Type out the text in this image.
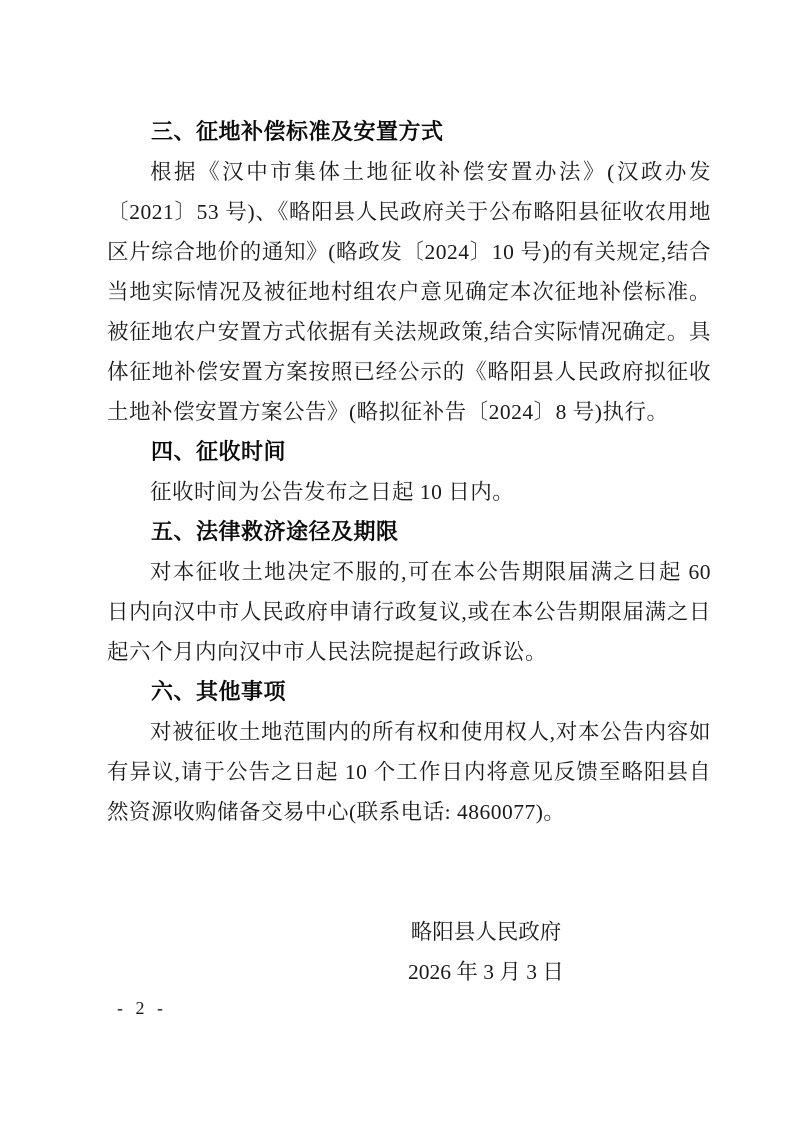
三、征地补偿标准及安置方式

根据《汉中市集体土地征收补偿安置办法》(汉政办发〔2021〕53 号)、《略阳县人民政府关于公布略阳县征收农用地区片综合地价的通知》(略政发〔2024〕10 号)的有关规定,结合当地实际情况及被征地村组农户意见确定本次征地补偿标准。被征地农户安置方式依据有关法规政策,结合实际情况确定。具体征地补偿安置方案按照已经公示的《略阳县人民政府拟征收土地补偿安置方案公告》(略拟征补告〔2024〕8 号)执行。

四、征收时间

征收时间为公告发布之日起 10 日内。

五、法律救济途径及期限

对本征收土地决定不服的,可在本公告期限届满之日起 60 日内向汉中市人民政府申请行政复议,或在本公告期限届满之日起六个月内向汉中市人民法院提起行政诉讼。

六、其他事项

对被征收土地范围内的所有权和使用权人,对本公告内容如有异议,请于公告之日起 10 个工作日内将意见反馈至略阳县自然资源收购储备交易中心(联系电话: 4860077)。

略阳县人民政府
2026 年 3 月 3 日
- 2 -
